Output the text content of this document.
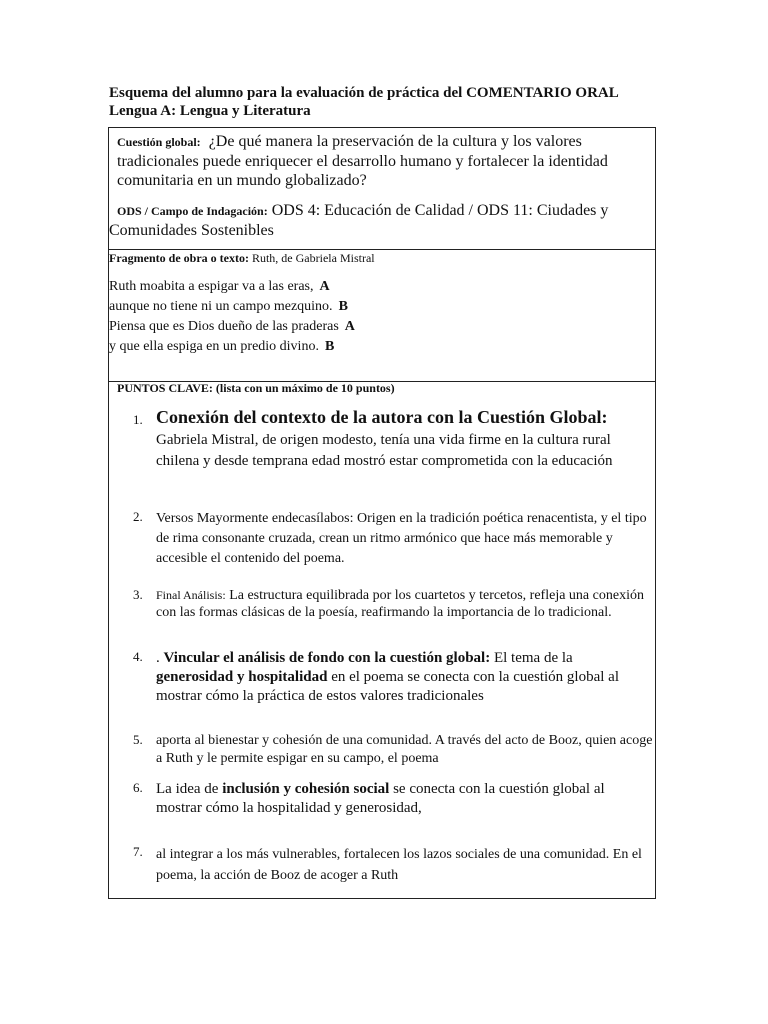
Esquema del alumno para la evaluación de práctica del COMENTARIO ORAL
Lengua A: Lengua y Literatura
Cuestión global: ¿De qué manera la preservación de la cultura y los valores tradicionales puede enriquecer el desarrollo humano y fortalecer la identidad comunitaria en un mundo globalizado?
ODS / Campo de Indagación: ODS 4: Educación de Calidad / ODS 11: Ciudades y
Comunidades Sostenibles
Fragmento de obra o texto: Ruth, de Gabriela Mistral
Ruth moabita a espigar va a las eras, A
aunque no tiene ni un campo mezquino. B
Piensa que es Dios dueño de las praderas A
y que ella espiga en un predio divino. B
PUNTOS CLAVE: (lista con un máximo de 10 puntos)
1. Conexión del contexto de la autora con la Cuestión Global:
Gabriela Mistral, de origen modesto, tenía una vida firme en la cultura rural chilena y desde temprana edad mostró estar comprometida con la educación
2. Versos Mayormente endecasílabos: Origen en la tradición poética renacentista, y el tipo de rima consonante cruzada, crean un ritmo armónico que hace más memorable y accesible el contenido del poema.
3.	Final Análisis: La estructura equilibrada por los cuartetos y tercetos, refleja una conexión con las formas clásicas de la poesía, reafirmando la importancia de lo tradicional.
4. . Vincular el análisis de fondo con la cuestión global: El tema de la generosidad y hospitalidad en el poema se conecta con la cuestión global al mostrar cómo la práctica de estos valores tradicionales
5. aporta al bienestar y cohesión de una comunidad. A través del acto de Booz, quien acoge a Ruth y le permite espigar en su campo, el poema
6. La idea de inclusión y cohesión social se conecta con la cuestión global al mostrar cómo la hospitalidad y generosidad,
7. al integrar a los más vulnerables, fortalecen los lazos sociales de una comunidad. En el poema, la acción de Booz de acoger a Ruth
